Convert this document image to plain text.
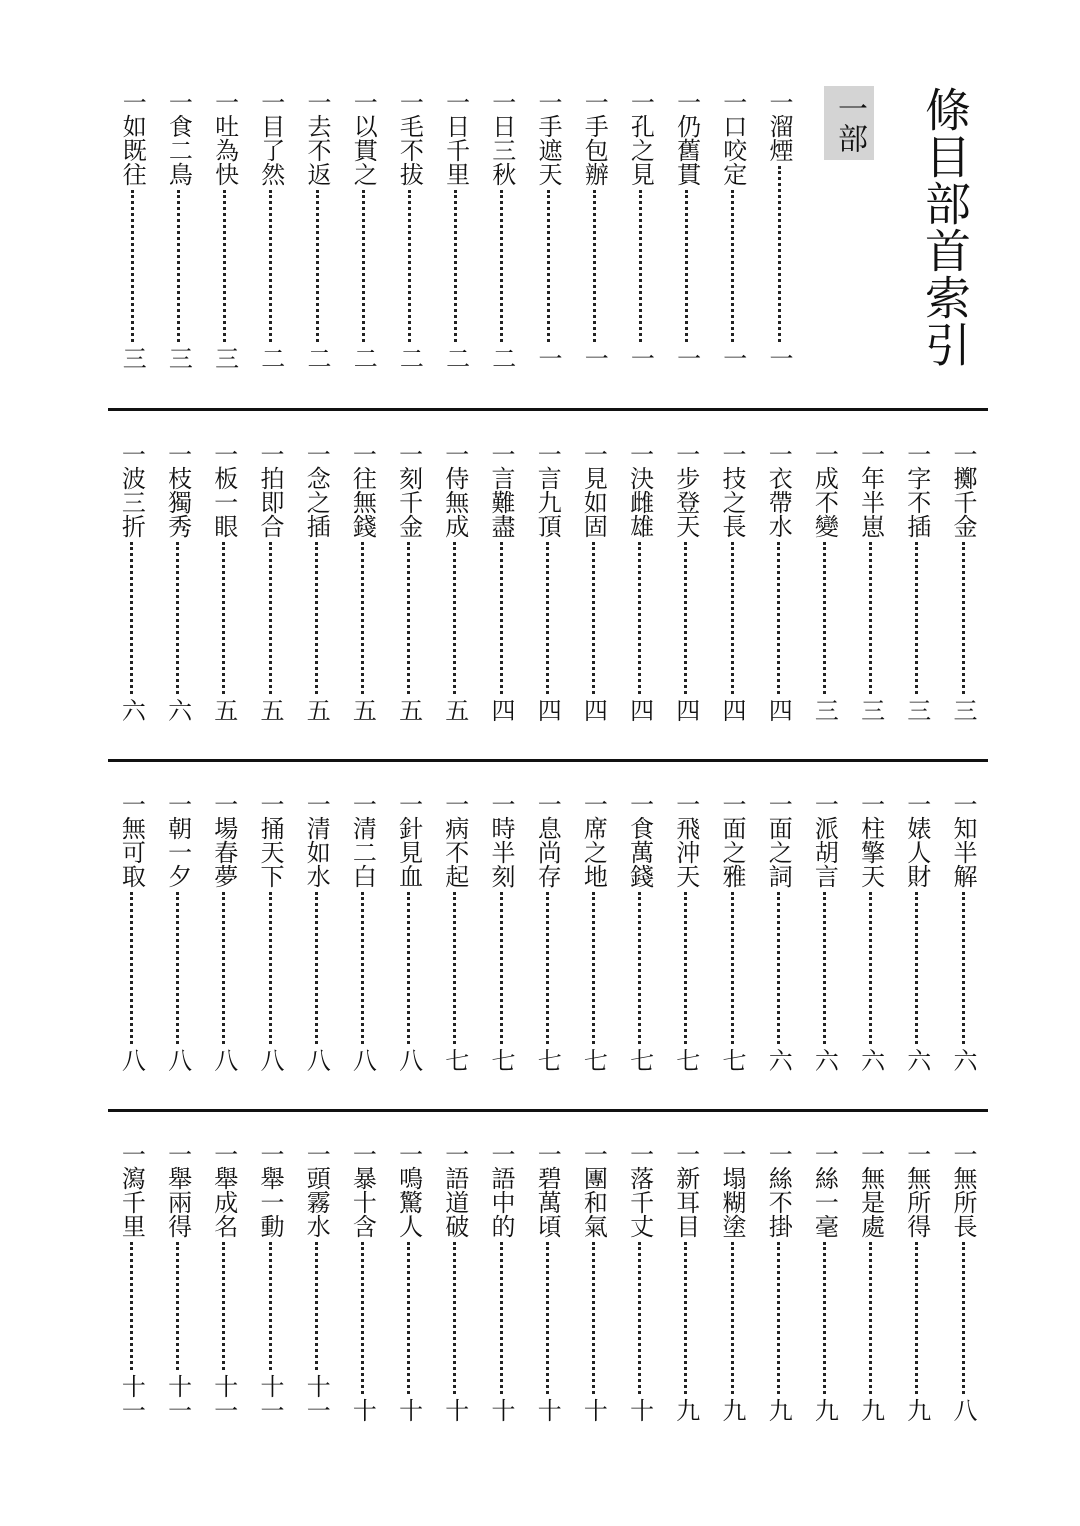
條目部首索引
一部
一溜煙
一
一口咬定
一
一仍舊貫
一
一孔之見
一
一手包辦
一
一手遮天
一
一日三秋
二
一日千里
二
一毛不拔
二
一以貫之
二
一去不返
二
一目了然
二
一吐為快
三
一食二鳥
三
一如既往
三
一擲千金
三
一字不插
三
一年半崽
三
一成不變
三
一衣帶水
四
一技之長
四
一步登天
四
一決雌雄
四
一見如固
四
一言九頂
四
一言難盡
四
一侍無成
五
一刻千金
五
一往無錢
五
一念之插
五
一拍即合
五
一板一眼
五
一枝獨秀
六
一波三折
六
一知半解
六
一婊人財
六
一柱擎天
六
一派胡言
六
一面之詞
六
一面之雅
七
一飛沖天
七
一食萬錢
七
一席之地
七
一息尚存
七
一時半刻
七
一病不起
七
一針見血
八
一清二白
八
一清如水
八
一捅天下
八
一場春夢
八
一朝一夕
八
一無可取
八
一無所長
八
一無所得
九
一無是處
九
一絲一毫
九
一絲不掛
九
一塌糊塗
九
一新耳目
九
一落千丈
十
一團和氣
十
一碧萬頃
十
一語中的
十
一語道破
十
一鳴驚人
十
一暴十含
十
一頭霧水
十一
一舉一動
十一
一舉成名
十一
一舉兩得
十一
一瀉千里
十一
